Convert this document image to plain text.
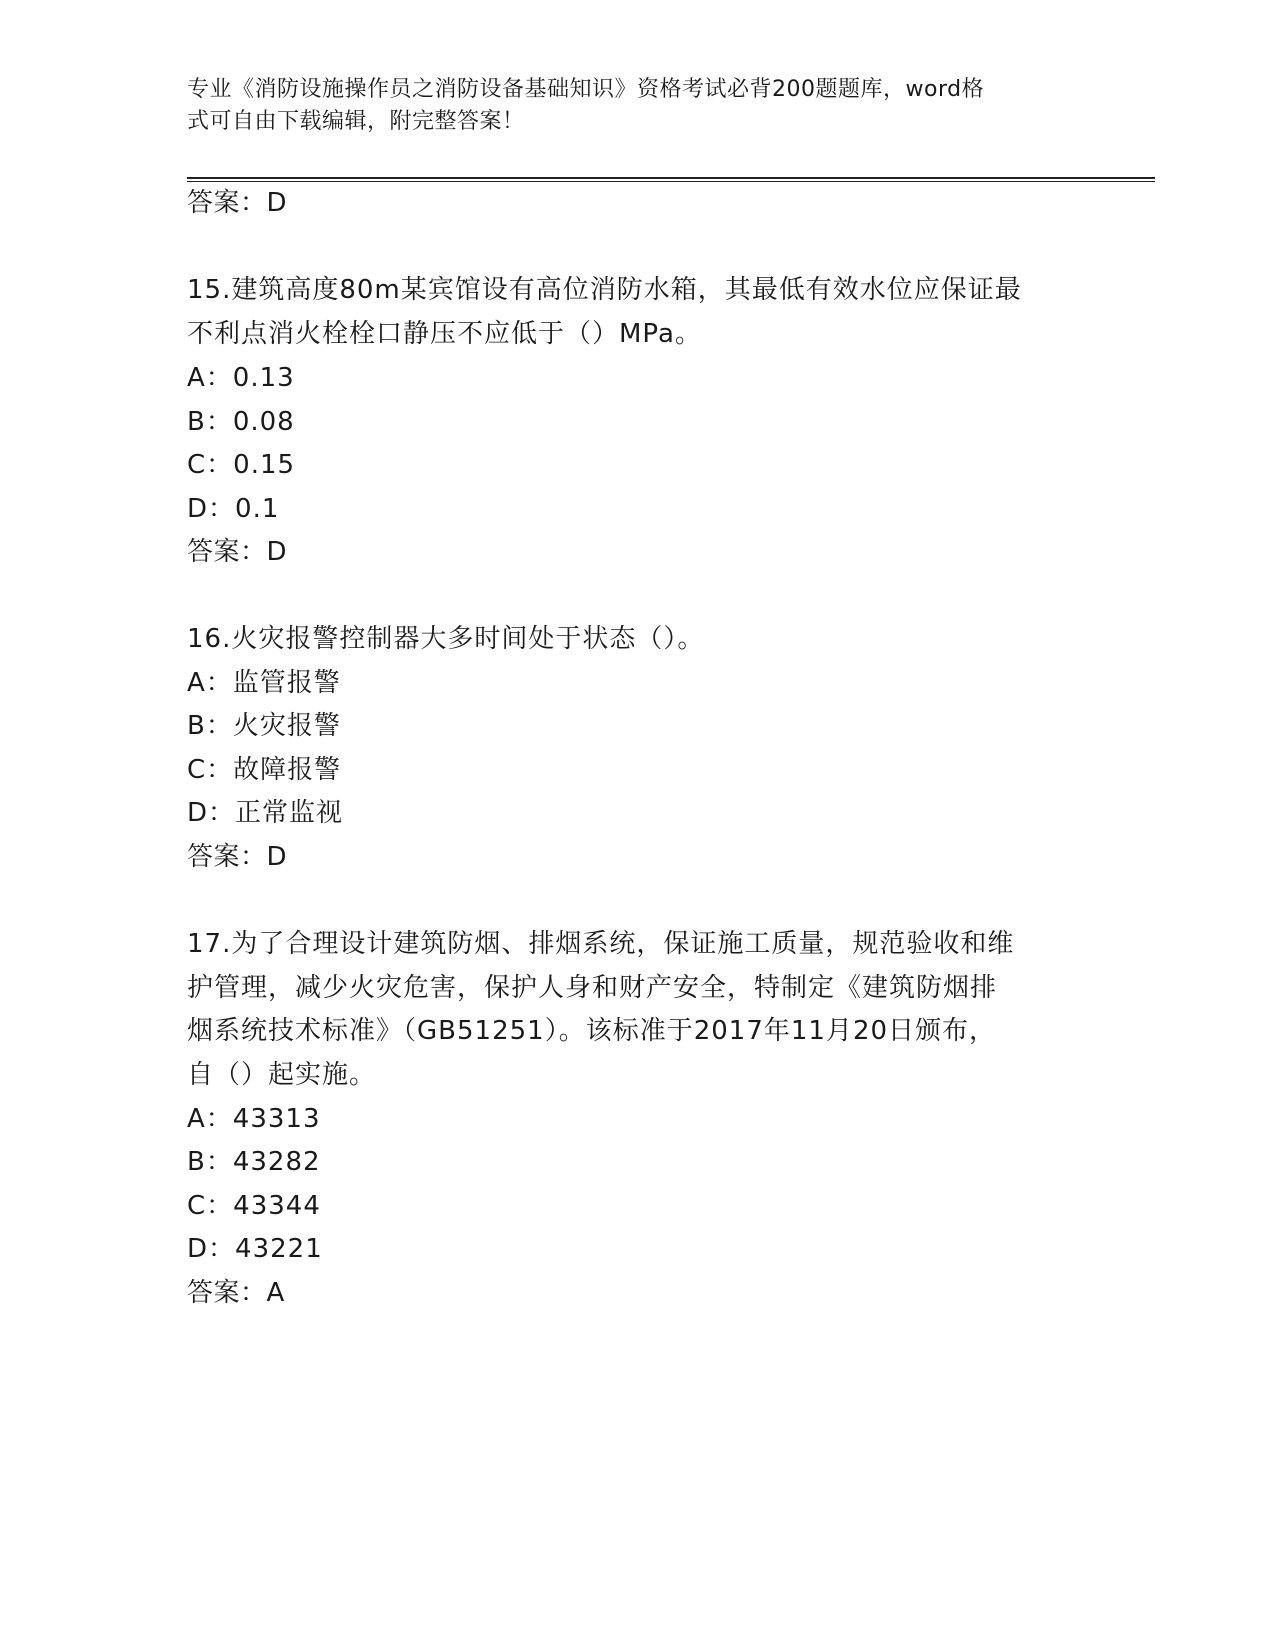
专业《消防设施操作员之消防设备基础知识》资格考试必背200题题库，word格
式可自由下载编辑，附完整答案！
答案：D
15.建筑高度80m某宾馆设有高位消防水箱，其最低有效水位应保证最
不利点消火栓栓口静压不应低于（）MPa。
A：0.13
B：0.08
C：0.15
D：0.1
答案：D
16.火灾报警控制器大多时间处于状态（）。
A：监管报警
B：火灾报警
C：故障报警
D：正常监视
答案：D
17.为了合理设计建筑防烟、排烟系统，保证施工质量，规范验收和维
护管理，减少火灾危害，保护人身和财产安全，特制定《建筑防烟排
烟系统技术标准》（GB51251）。该标准于2017年11月20日颁布，
自（）起实施。
A：43313
B：43282
C：43344
D：43221
答案：A
